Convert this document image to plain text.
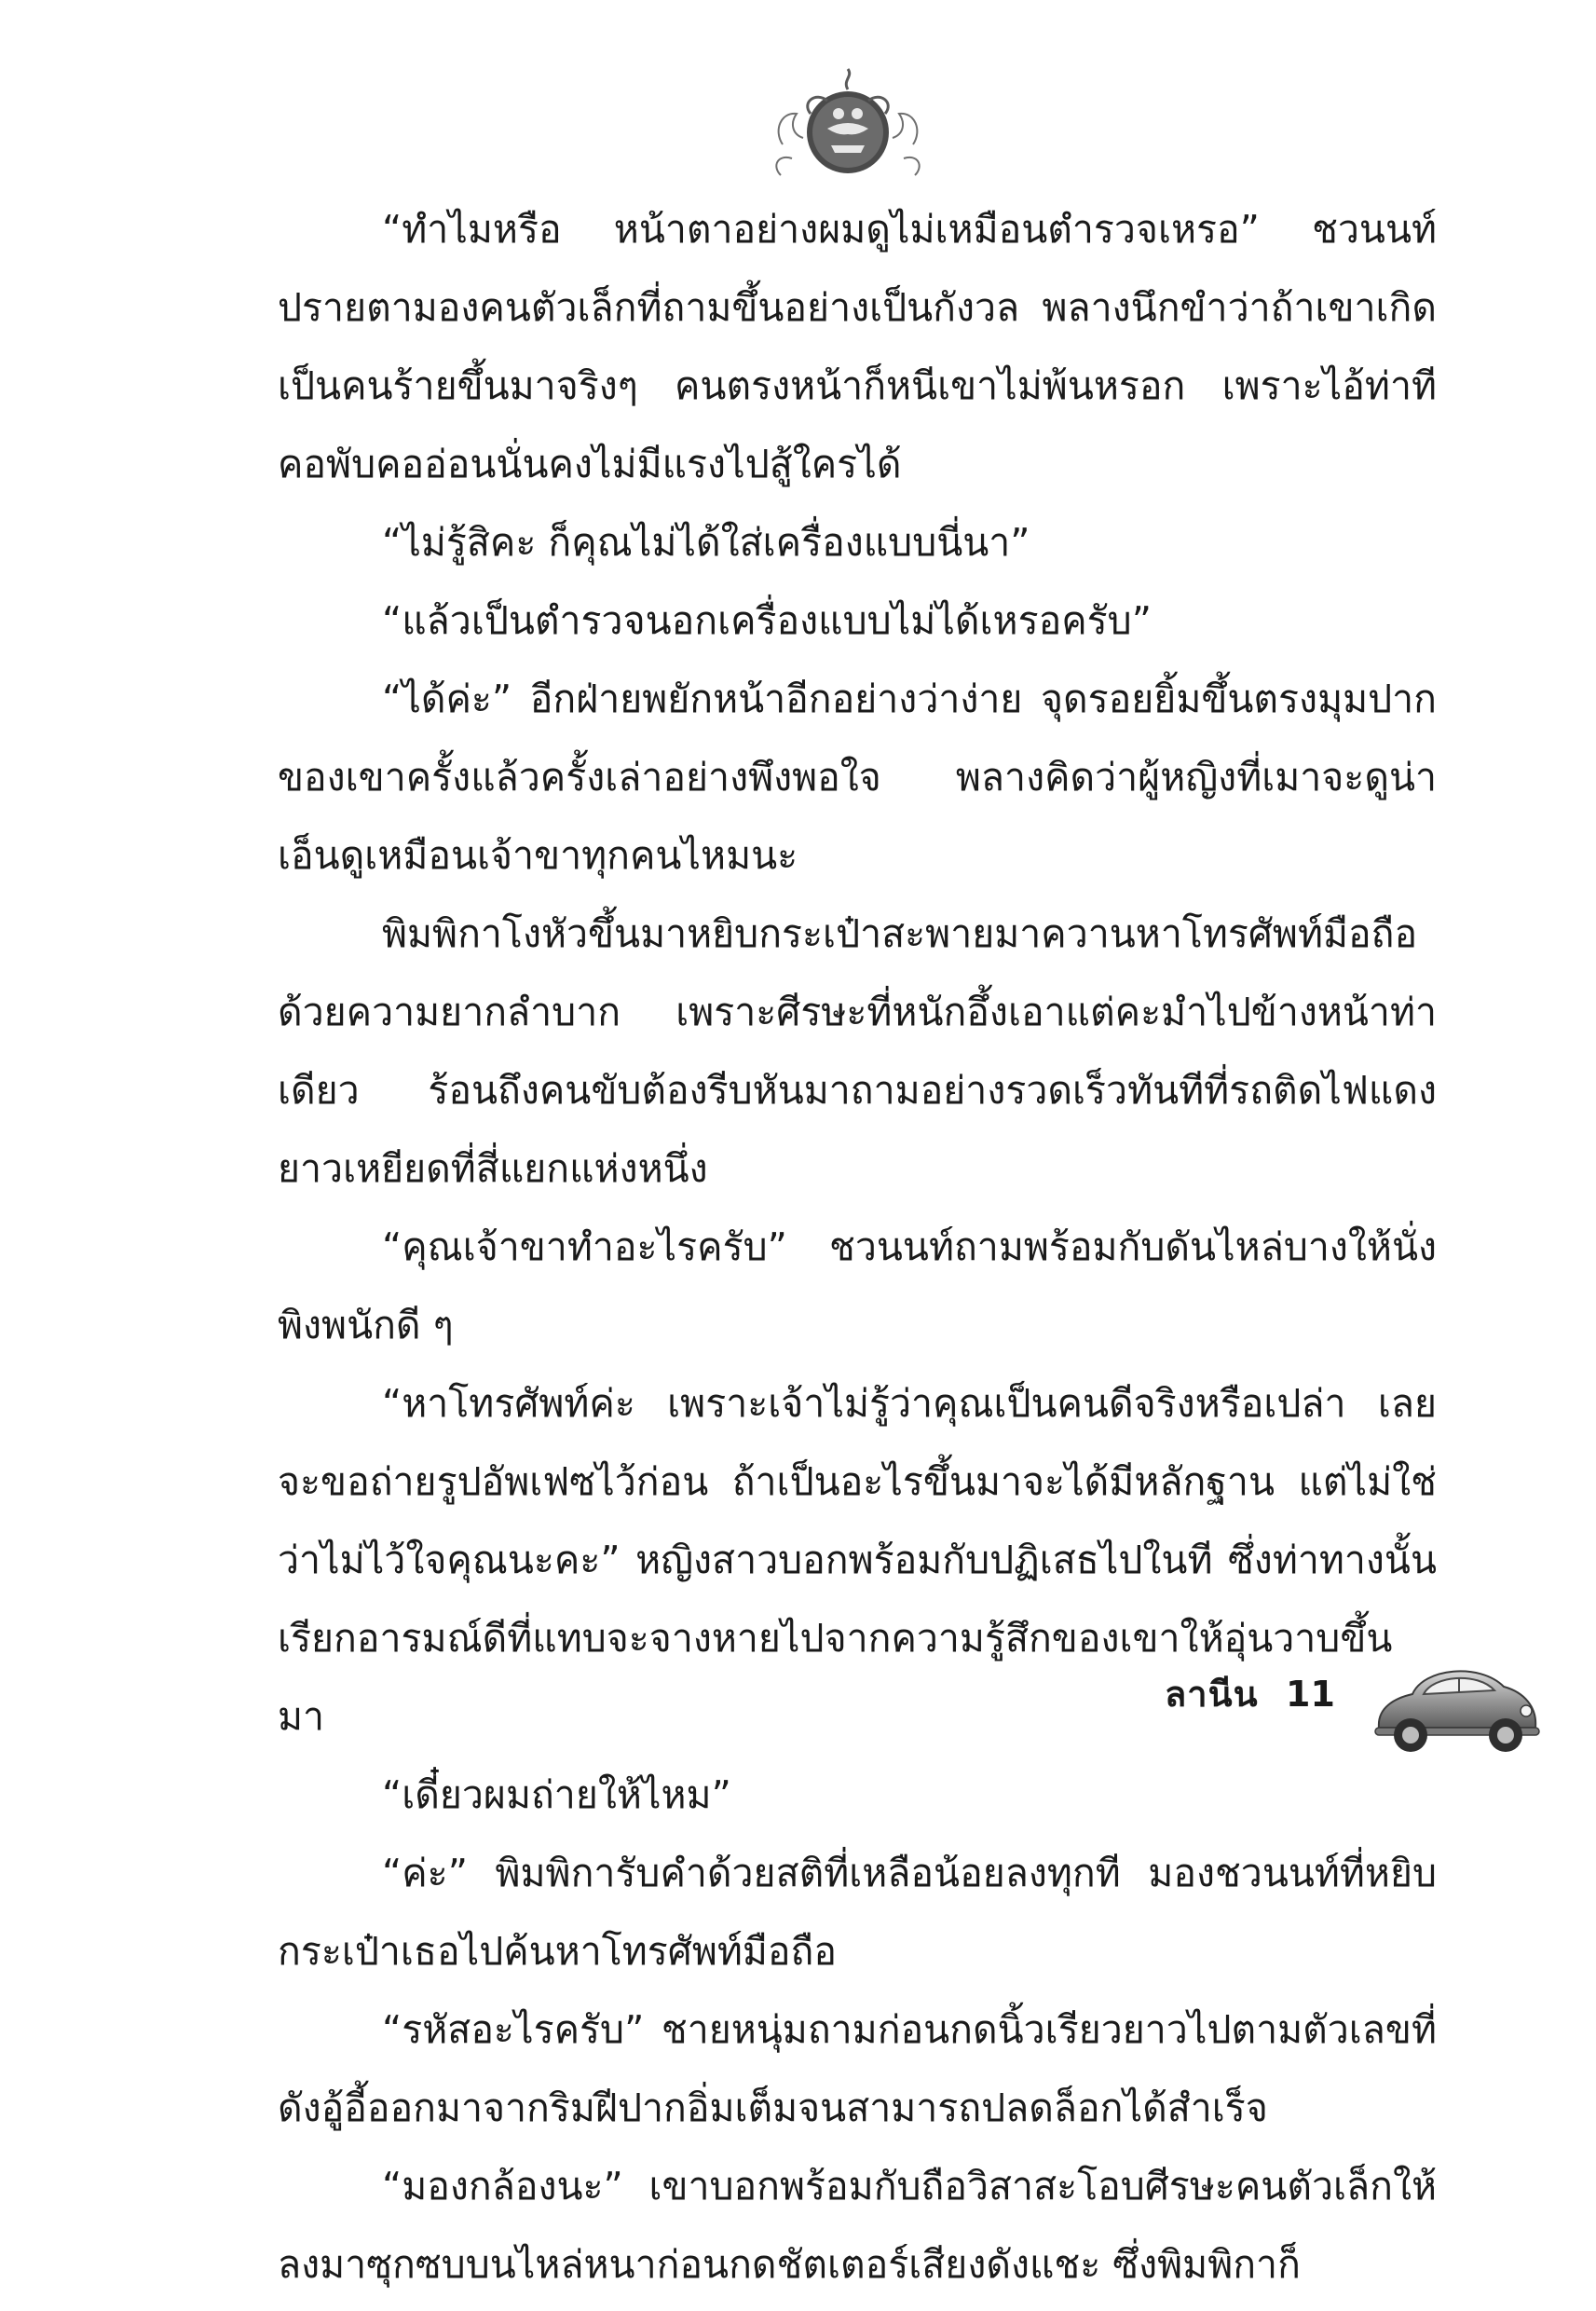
“ทำไมหรือ หน้าตาอย่างผมดูไม่เหมือนตำรวจเหรอ” ชวนนท์ปรายตามองคนตัวเล็กที่ถามขึ้นอย่างเป็นกังวล พลางนึกขำว่าถ้าเขาเกิดเป็นคนร้ายขึ้นมาจริงๆ คนตรงหน้าก็หนีเขาไม่พ้นหรอก เพราะไอ้ท่าทีคอพับคออ่อนนั่นคงไม่มีแรงไปสู้ใครได้

“ไม่รู้สิคะ ก็คุณไม่ได้ใส่เครื่องแบบนี่นา”

“แล้วเป็นตำรวจนอกเครื่องแบบไม่ได้เหรอครับ”

“ได้ค่ะ” อีกฝ่ายพยักหน้าอีกอย่างว่าง่าย จุดรอยยิ้มขึ้นตรงมุมปากของเขาครั้งแล้วครั้งเล่าอย่างพึงพอใจ พลางคิดว่าผู้หญิงที่เมาจะดูน่าเอ็นดูเหมือนเจ้าขาทุกคนไหมนะ

พิมพิกาโงหัวขึ้นมาหยิบกระเป๋าสะพายมาควานหาโทรศัพท์มือถือด้วยความยากลำบาก เพราะศีรษะที่หนักอึ้งเอาแต่คะมำไปข้างหน้าท่าเดียว ร้อนถึงคนขับต้องรีบหันมาถามอย่างรวดเร็วทันทีที่รถติดไฟแดงยาวเหยียดที่สี่แยกแห่งหนึ่ง

“คุณเจ้าขาทำอะไรครับ” ชวนนท์ถามพร้อมกับดันไหล่บางให้นั่งพิงพนักดี ๆ

“หาโทรศัพท์ค่ะ เพราะเจ้าไม่รู้ว่าคุณเป็นคนดีจริงหรือเปล่า เลยจะขอถ่ายรูปอัพเฟซไว้ก่อน ถ้าเป็นอะไรขึ้นมาจะได้มีหลักฐาน แต่ไม่ใช่ว่าไม่ไว้ใจคุณนะคะ” หญิงสาวบอกพร้อมกับปฏิเสธไปในที ซึ่งท่าทางนั้นเรียกอารมณ์ดีที่แทบจะจางหายไปจากความรู้สึกของเขาให้อุ่นวาบขึ้นมา

“เดี๋ยวผมถ่ายให้ไหม”

“ค่ะ” พิมพิการับคำด้วยสติที่เหลือน้อยลงทุกที มองชวนนท์ที่หยิบกระเป๋าเธอไปค้นหาโทรศัพท์มือถือ

“รหัสอะไรครับ” ชายหนุ่มถามก่อนกดนิ้วเรียวยาวไปตามตัวเลขที่ดังอู้อี้ออกมาจากริมฝีปากอิ่มเต็มจนสามารถปลดล็อกได้สำเร็จ

“มองกล้องนะ” เขาบอกพร้อมกับถือวิสาสะโอบศีรษะคนตัวเล็กให้ลงมาซุกซบบนไหล่หนาก่อนกดชัตเตอร์เสียงดังแชะ ซึ่งพิมพิกาก็

ลานีน 11
